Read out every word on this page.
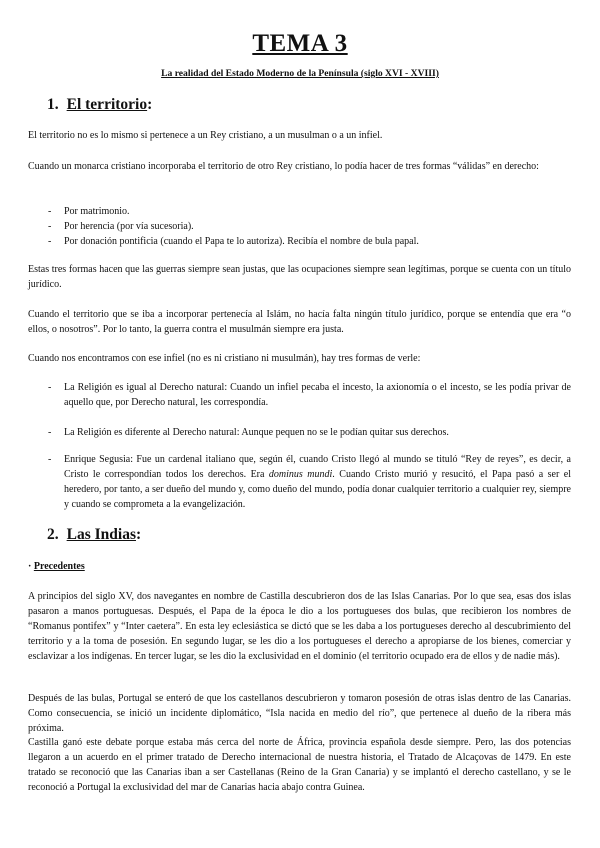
TEMA 3
La realidad del Estado Moderno de la Península (siglo XVI - XVIII)
1. El territorio:
El territorio no es lo mismo si pertenece a un Rey cristiano, a un musulman o a un infiel.
Cuando un monarca cristiano incorporaba el territorio de otro Rey cristiano, lo podía hacer de tres formas “válidas” en derecho:
- Por matrimonio.
- Por herencia (por vía sucesoria).
- Por donación pontificia (cuando el Papa te lo autoriza). Recibía el nombre de bula papal.
Estas tres formas hacen que las guerras siempre sean justas, que las ocupaciones siempre sean legítimas, porque se cuenta con un título jurídico.
Cuando el territorio que se iba a incorporar pertenecía al Islám, no hacía falta ningún título jurídico, porque se entendía que era “o ellos, o nosotros”. Por lo tanto, la guerra contra el musulmán siempre era justa.
Cuando nos encontramos con ese infiel (no es ni cristiano ni musulmán), hay tres formas de verle:
- La Religión es igual al Derecho natural: Cuando un infiel pecaba el incesto, la axionomía o el incesto, se les podía privar de aquello que, por Derecho natural, les correspondía.
- La Religión es diferente al Derecho natural: Aunque pequen no se le podían quitar sus derechos.
- Enrique Segusia: Fue un cardenal italiano que, según él, cuando Cristo llegó al mundo se tituló “Rey de reyes”, es decir, a Cristo le correspondían todos los derechos. Era dominus mundi. Cuando Cristo murió y resucitó, el Papa pasó a ser el heredero, por tanto, a ser dueño del mundo y, como dueño del mundo, podía donar cualquier territorio a cualquier rey, siempre y cuando se comprometa a la evangelización.
2. Las Indias:
· Precedentes
A principios del siglo XV, dos navegantes en nombre de Castilla descubrieron dos de las Islas Canarias. Por lo que sea, esas dos islas pasaron a manos portuguesas. Después, el Papa de la época le dio a los portugueses dos bulas, que recibieron los nombres de “Romanus pontifex” y “Inter caetera”. En esta ley eclesiástica se dictó que se les daba a los portugueses derecho al descubrimiento del territorio y a la toma de posesión. En segundo lugar, se les dio a los portugueses el derecho a apropiarse de los bienes, comerciar y esclavizar a los indígenas. En tercer lugar, se les dio la exclusividad en el dominio (el territorio ocupado era de ellos y de nadie más).
Después de las bulas, Portugal se enteró de que los castellanos descubrieron y tomaron posesión de otras islas dentro de las Canarias. Como consecuencia, se inició un incidente diplomático, “Isla nacida en medio del río”, que pertenece al dueño de la ribera más próxima.
Castilla ganó este debate porque estaba más cerca del norte de África, provincia española desde siempre. Pero, las dos potencias llegaron a un acuerdo en el primer tratado de Derecho internacional de nuestra historia, el Tratado de Alcaçovas de 1479. En este tratado se reconoció que las Canarias iban a ser Castellanas (Reino de la Gran Canaria) y se implantó el derecho castellano, y se le reconoció a Portugal la exclusividad del mar de Canarias hacia abajo contra Guinea.
